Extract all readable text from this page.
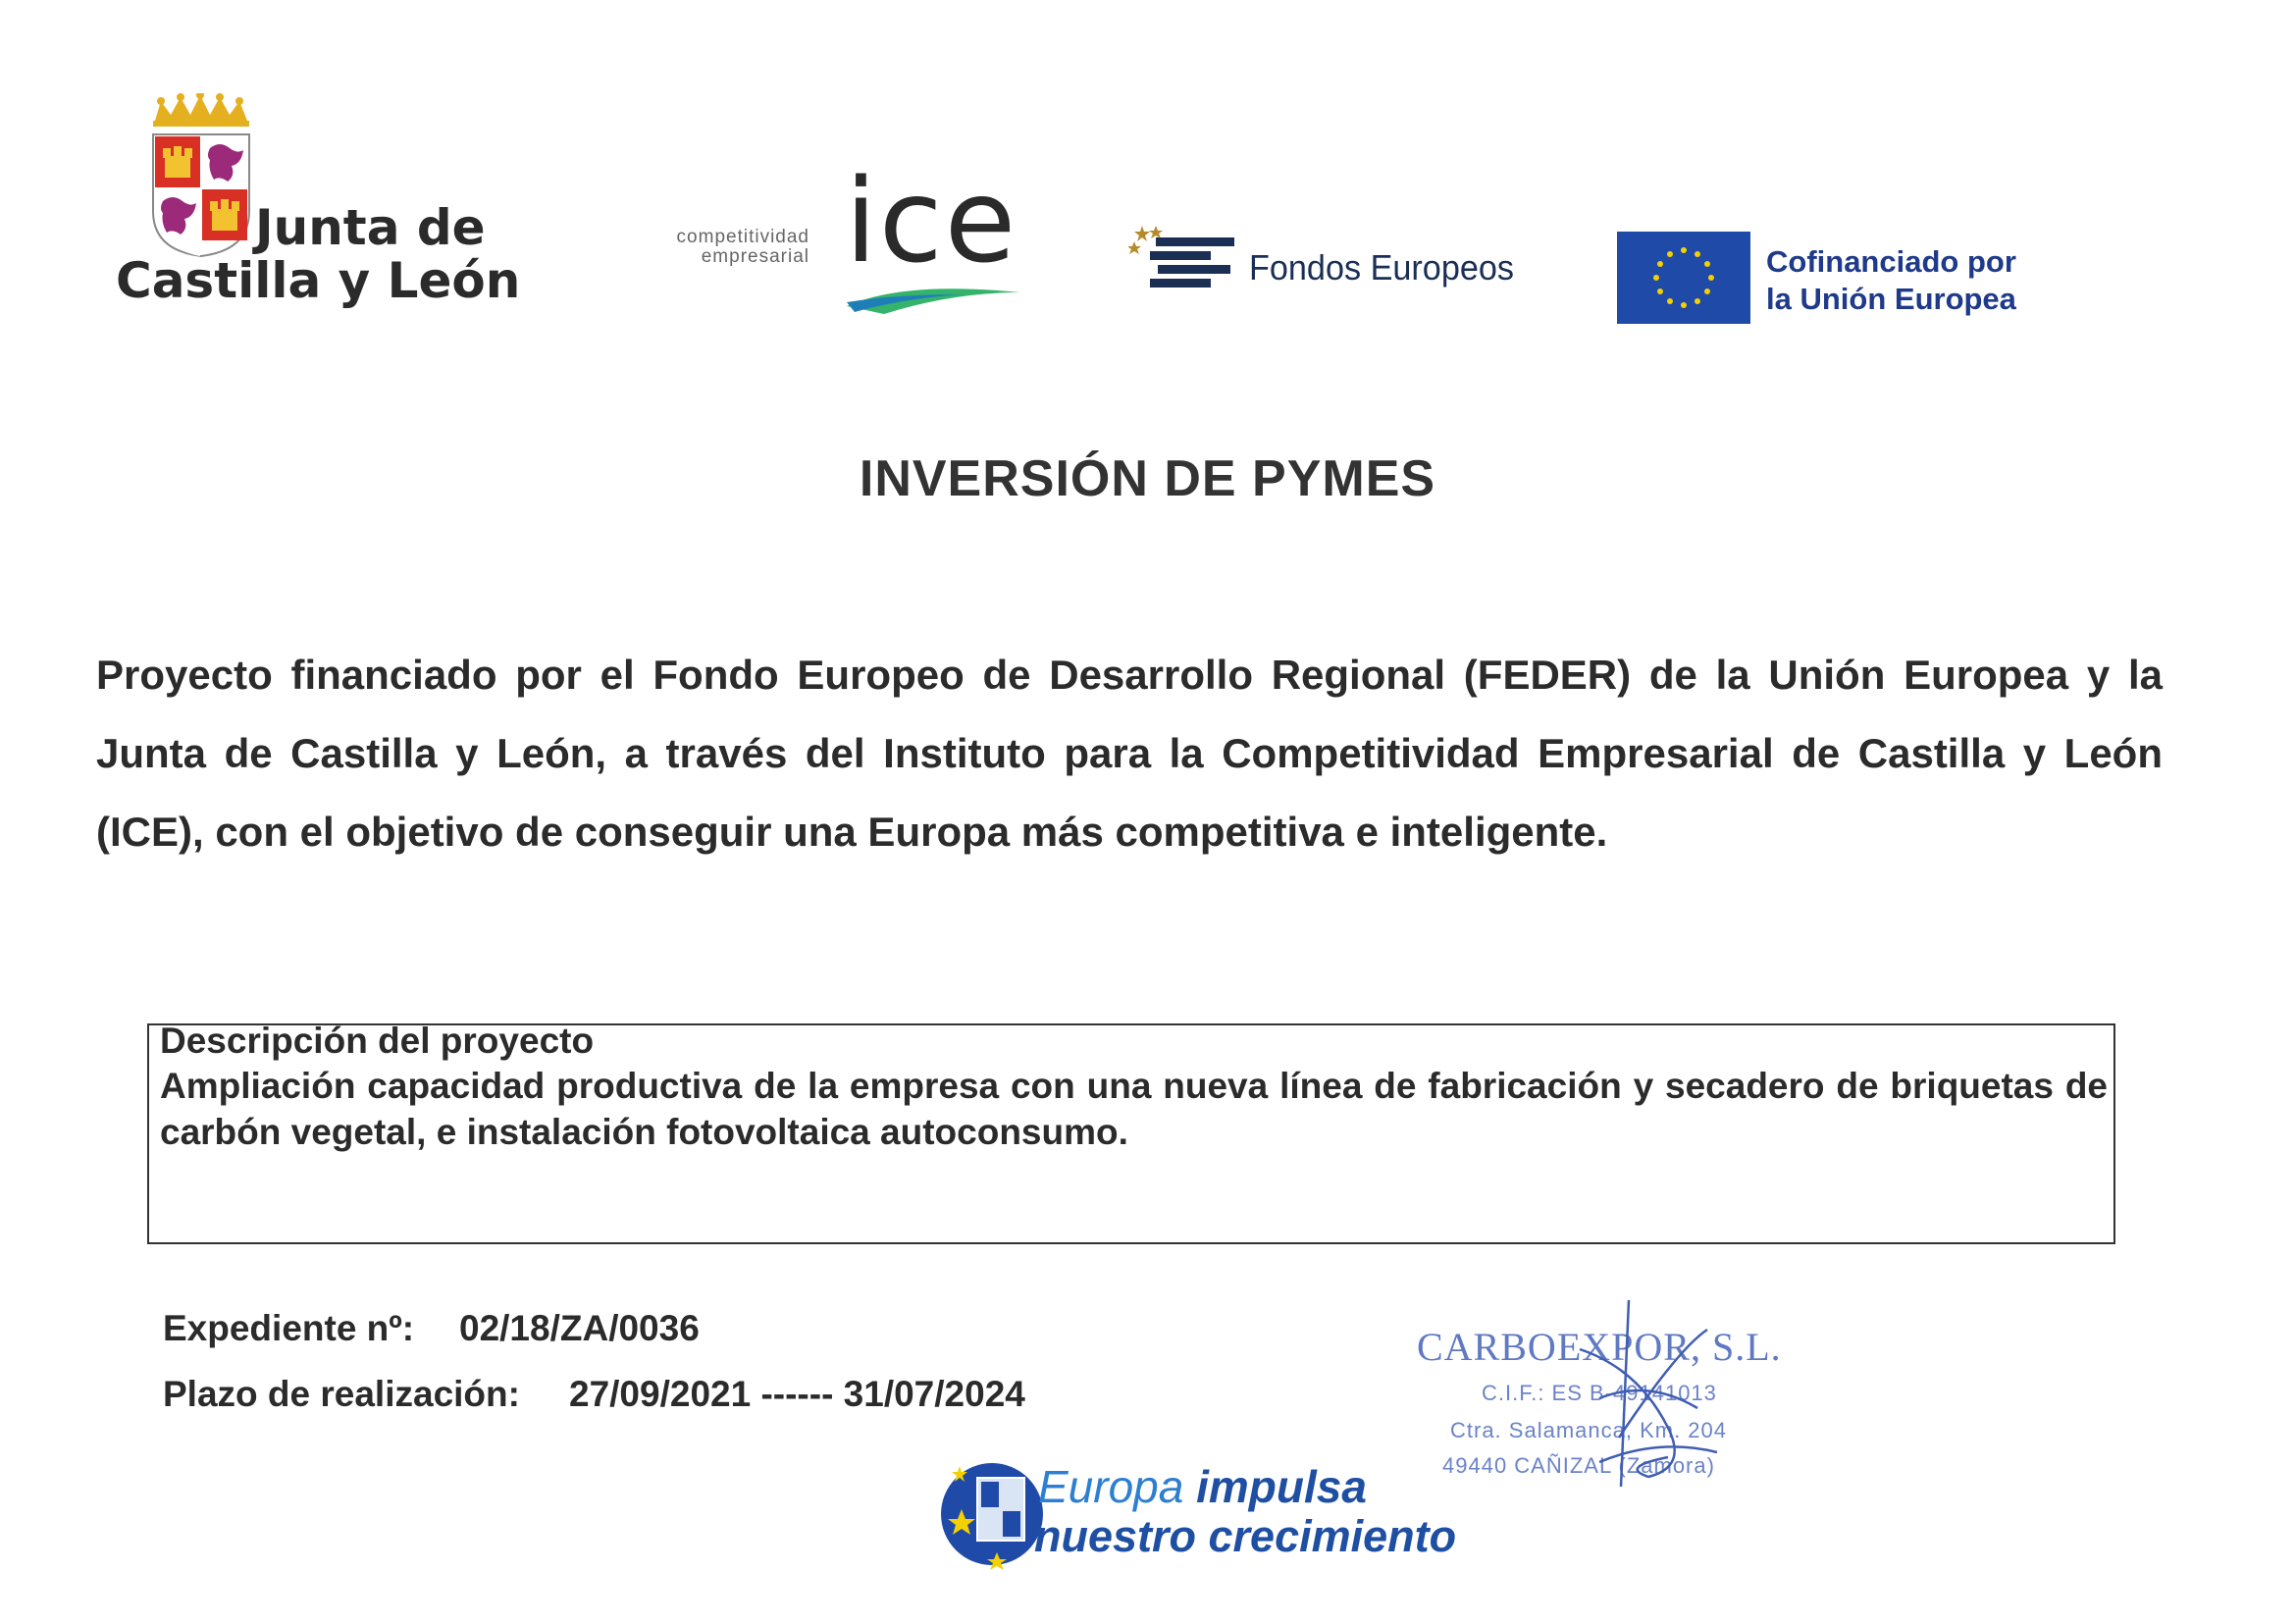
Junta de
Castilla y León
competitividad
empresarial ice	Fondos Europeos	Cofinanciado por
la Unión Europea
INVERSIÓN DE PYMES
Proyecto financiado por el Fondo Europeo de Desarrollo Regional (FEDER) de la Unión Europea y la Junta de Castilla y León, a través del Instituto para la Competitividad Empresarial de Castilla y León (ICE), con el objetivo de conseguir una Europa más competitiva e inteligente.
Descripción del proyecto
Ampliación capacidad productiva de la empresa con una nueva línea de fabricación y secadero de briquetas de carbón vegetal, e instalación fotovoltaica autoconsumo.
Expediente nº: 02/18/ZA/0036
Plazo de realización: 27/09/2021 ------ 31/07/2024
CARBOEXPOR, S.L.
C.I.F.: ES B-49141013
Ctra. Salamanca, Km. 204
49440 CAÑIZAL (Zamora)
Europa impulsa
nuestro crecimiento
